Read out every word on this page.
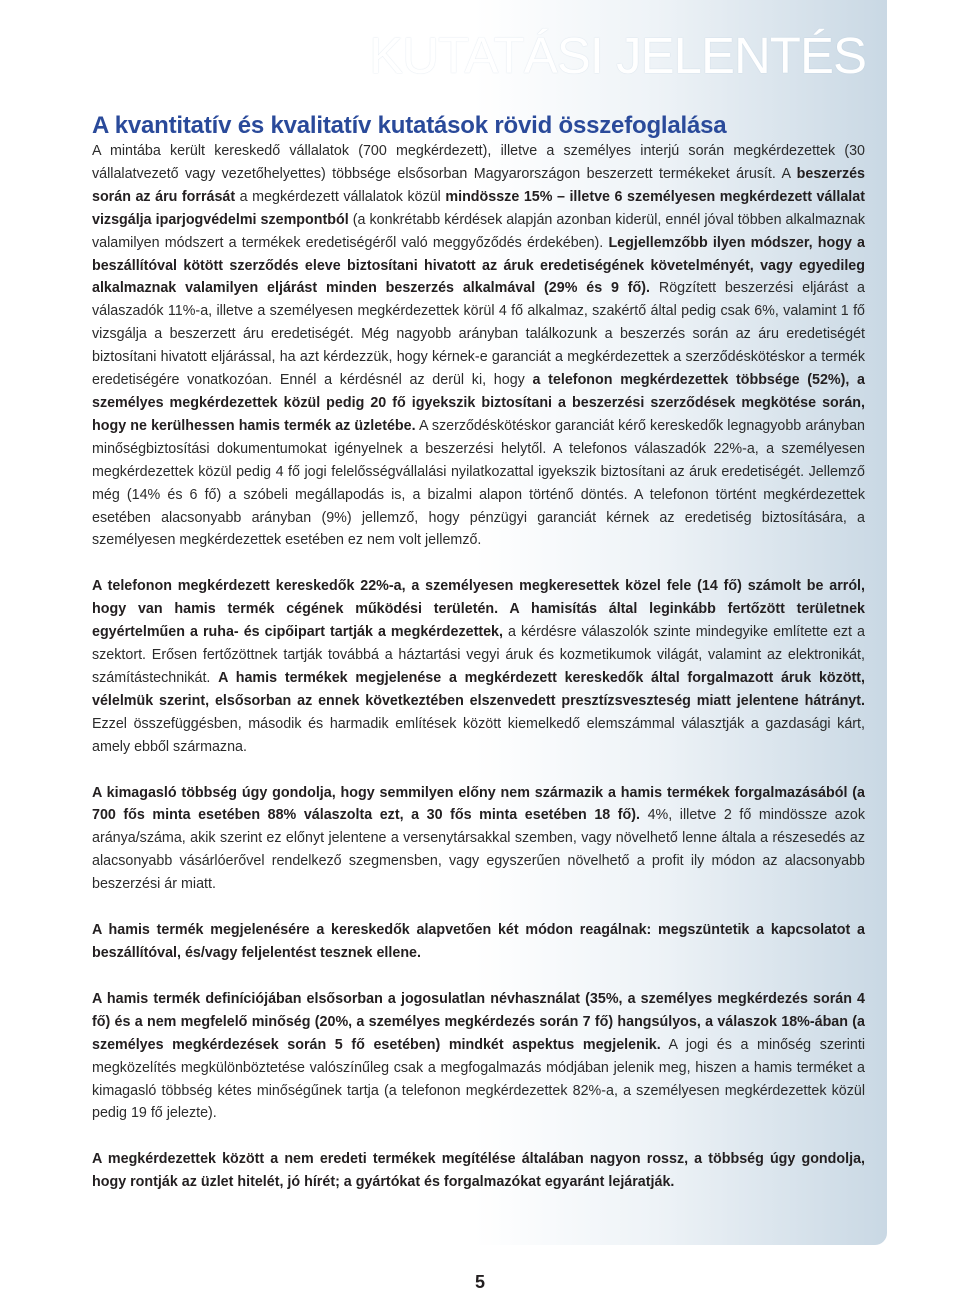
KUTATÁSI JELENTÉS
A kvantitatív és kvalitatív kutatások rövid összefoglalása

A mintába került kereskedő vállalatok (700 megkérdezett), illetve a személyes interjú során megkérdezettek (30 vállalatvezető vagy vezetőhelyettes) többsége elsősorban Magyarországon beszerzett termékeket árusít. A beszerzés során az áru forrását a megkérdezett vállalatok közül mindössze 15% – illetve 6 személyesen megkérdezett vállalat vizsgálja iparjogvédelmi szempontból (a konkrétabb kérdések alapján azonban kiderül, ennél jóval többen alkalmaznak valamilyen módszert a termékek eredetiségéről való meggyőződés érdekében). Legjellemzőbb ilyen módszer, hogy a beszállítóval kötött szerződés eleve biztosítani hivatott az áruk eredetiségének követelményét, vagy egyedileg alkalmaznak valamilyen eljárást minden beszerzés alkalmával (29% és 9 fő). Rögzített beszerzési eljárást a válaszadók 11%-a, illetve a személyesen megkérdezettek körül 4 fő alkalmaz, szakértő által pedig csak 6%, valamint 1 fő vizsgálja a beszerzett áru eredetiségét. Még nagyobb arányban találkozunk a beszerzés során az áru eredetiségét biztosítani hivatott eljárással, ha azt kérdezzük, hogy kérnek-e garanciát a megkérdezettek a szerződéskötéskor a termék eredetiségére vonatkozóan. Ennél a kérdésnél az derül ki, hogy a telefonon megkérdezettek többsége (52%), a személyes megkérdezettek közül pedig 20 fő igyekszik biztosítani a beszerzési szerződések megkötése során, hogy ne kerülhessen hamis termék az üzletébe. A szerződéskötéskor garanciát kérő kereskedők legnagyobb arányban minőségbiztosítási dokumentumokat igényelnek a beszerzési helytől. A telefonos válaszadók 22%-a, a személyesen megkérdezettek közül pedig 4 fő jogi felelősségvállalási nyilatkozattal igyekszik biztosítani az áruk eredetiségét. Jellemző még (14% és 6 fő) a szóbeli megállapodás is, a bizalmi alapon történő döntés. A telefonon történt megkérdezettek esetében alacsonyabb arányban (9%) jellemző, hogy pénzügyi garanciát kérnek az eredetiség biztosítására, a személyesen megkérdezettek esetében ez nem volt jellemző.

A telefonon megkérdezett kereskedők 22%-a, a személyesen megkeresettek közel fele (14 fő) számolt be arról, hogy van hamis termék cégének működési területén. A hamisítás által leginkább fertőzött területnek egyértelműen a ruha- és cipőipart tartják a megkérdezettek, a kérdésre válaszolók szinte mindegyike említette ezt a szektort. Erősen fertőzöttnek tartják továbbá a háztartási vegyi áruk és kozmetikumok világát, valamint az elektronikát, számítástechnikát. A hamis termékek megjelenése a megkérdezett kereskedők által forgalmazott áruk között, vélelmük szerint, elsősorban az ennek következtében elszenvedett presztízsveszteség miatt jelentene hátrányt. Ezzel összefüggésben, második és harmadik említések között kiemelkedő elemszámmal választják a gazdasági kárt, amely ebből származna.

A kimagasló többség úgy gondolja, hogy semmilyen előny nem származik a hamis termékek forgalmazásából (a 700 fős minta esetében 88% válaszolta ezt, a 30 fős minta esetében 18 fő). 4%, illetve 2 fő mindössze azok aránya/száma, akik szerint ez előnyt jelentene a versenytársakkal szemben, vagy növelhető lenne általa a részesedés az alacsonyabb vásárlóerővel rendelkező szegmensben, vagy egyszerűen növelhető a profit ily módon az alacsonyabb beszerzési ár miatt.

A hamis termék megjelenésére a kereskedők alapvetően két módon reagálnak: megszüntetik a kapcsolatot a beszállítóval, és/vagy feljelentést tesznek ellene.

A hamis termék definíciójában elsősorban a jogosulatlan névhasználat (35%, a személyes megkérdezés során 4 fő) és a nem megfelelő minőség (20%, a személyes megkérdezés során 7 fő) hangsúlyos, a válaszok 18%-ában (a személyes megkérdezések során 5 fő esetében) mindkét aspektus megjelenik. A jogi és a minőség szerinti megközelítés megkülönböztetése valószínűleg csak a megfogalmazás módjában jelenik meg, hiszen a hamis terméket a kimagasló többség kétes minőségűnek tartja (a telefonon megkérdezettek 82%-a, a személyesen megkérdezettek közül pedig 19 fő jelezte).

A megkérdezettek között a nem eredeti termékek megítélése általában nagyon rossz, a többség úgy gondolja, hogy rontják az üzlet hitelét, jó hírét; a gyártókat és forgalmazókat egyaránt lejáratják.

5
